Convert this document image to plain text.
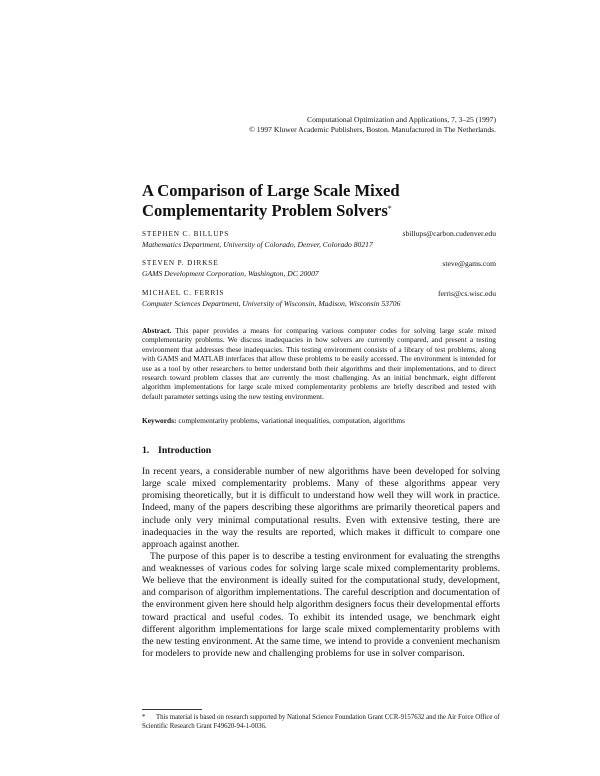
Computational Optimization and Applications, 7, 3–25 (1997)
© 1997 Kluwer Academic Publishers, Boston. Manufactured in The Netherlands.
A Comparison of Large Scale Mixed
Complementarity Problem Solvers*
STEPHEN C. BILLUPS	sbillups@carbon.cudenver.edu
Mathematics Department, University of Colorado, Denver, Colorado 80217
STEVEN P. DIRKSE	steve@gams.com
GAMS Development Corporation, Washington, DC 20007
MICHAEL C. FERRIS	ferris@cs.wisc.edu
Computer Sciences Department, University of Wisconsin, Madison, Wisconsin 53706
Abstract. This paper provides a means for comparing various computer codes for solving large scale mixed complementarity problems. We discuss inadequacies in how solvers are currently compared, and present a testing environment that addresses these inadequacies. This testing environment consists of a library of test problems, along with GAMS and MATLAB interfaces that allow these problems to be easily accessed. The environment is intended for use as a tool by other researchers to better understand both their algorithms and their implementations, and to direct research toward problem classes that are currently the most challenging. As an initial benchmark, eight different algorithm implementations for large scale mixed complementarity problems are briefly described and tested with default parameter settings using the new testing environment.
Keywords: complementarity problems, variational inequalities, computation, algorithms
1. Introduction

In recent years, a considerable number of new algorithms have been developed for solving large scale mixed complementarity problems. Many of these algorithms appear very promising theoretically, but it is difficult to understand how well they will work in practice. Indeed, many of the papers describing these algorithms are primarily theoretical papers and include only very minimal computational results. Even with extensive testing, there are inadequacies in the way the results are reported, which makes it difficult to compare one approach against another.

The purpose of this paper is to describe a testing environment for evaluating the strengths and weaknesses of various codes for solving large scale mixed complementarity problems. We believe that the environment is ideally suited for the computational study, development, and comparison of algorithm implementations. The careful description and documentation of the environment given here should help algorithm designers focus their developmental efforts toward practical and useful codes. To exhibit its intended usage, we benchmark eight different algorithm implementations for large scale mixed complementarity problems with the new testing environment. At the same time, we intend to provide a convenient mechanism for modelers to provide new and challenging problems for use in solver comparison.

* This material is based on research supported by National Science Foundation Grant CCR-9157632 and the Air Force Office of Scientific Research Grant F49620-94-1-0036.
